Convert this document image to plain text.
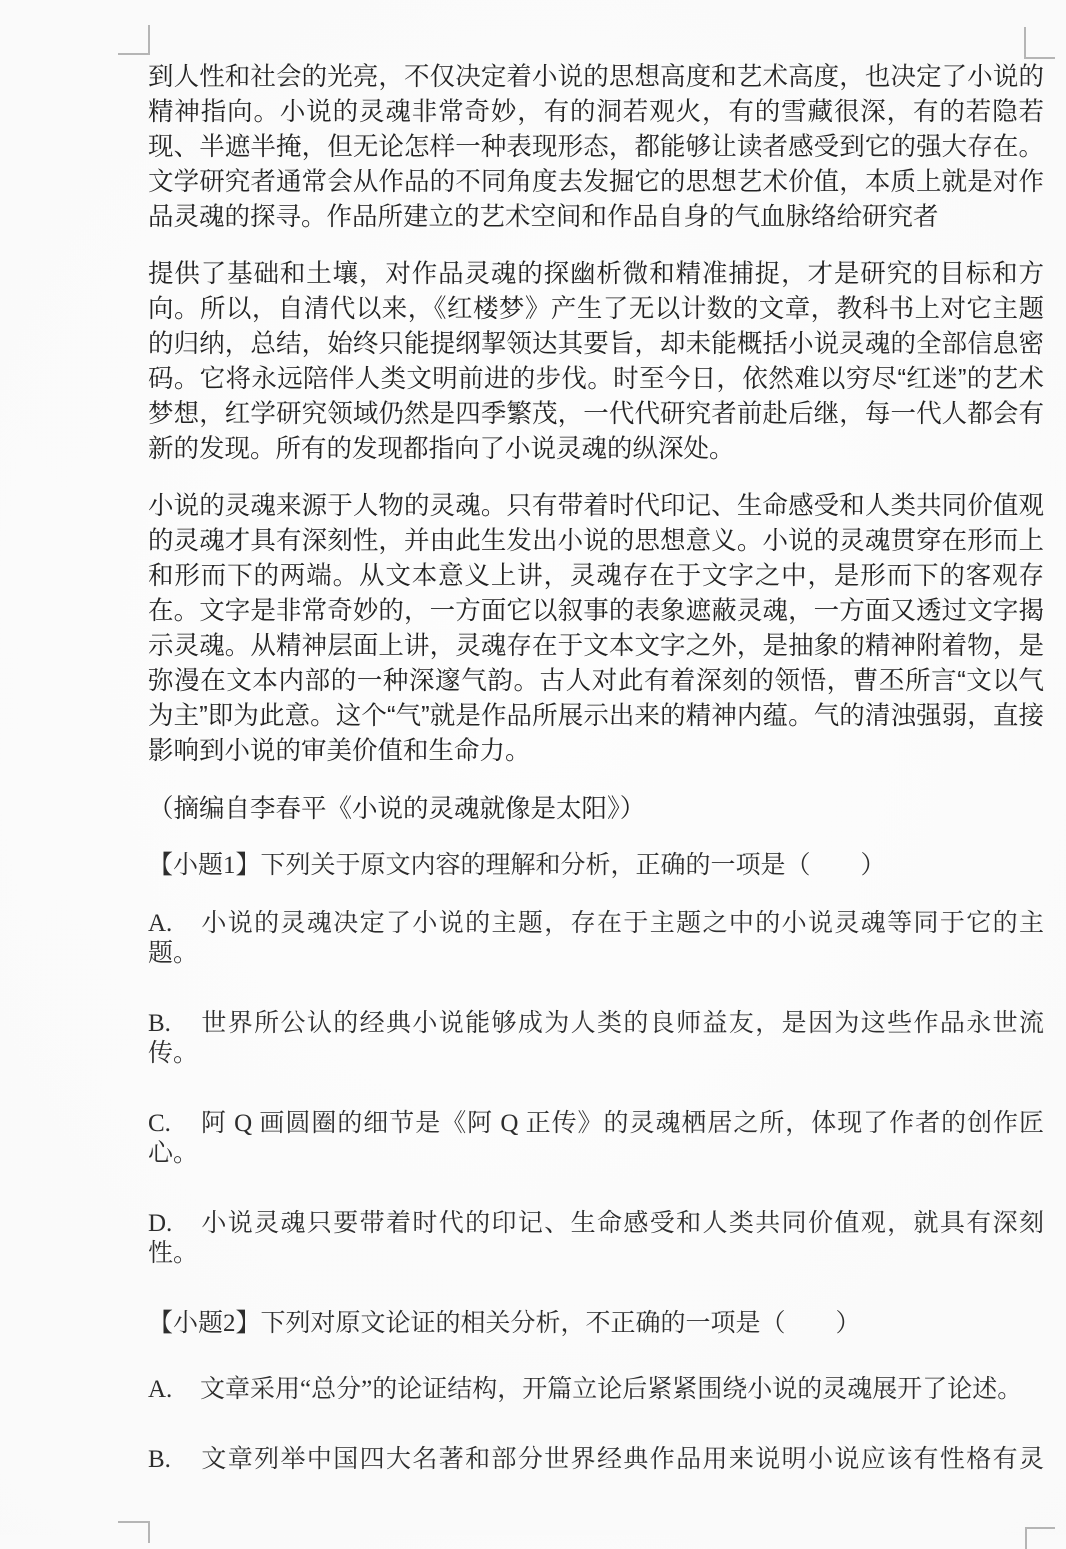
到人性和社会的光亮，不仅决定着小说的思想高度和艺术高度，也决定了小说的精神指向。小说的灵魂非常奇妙，有的洞若观火，有的雪藏很深，有的若隐若现、半遮半掩，但无论怎样一种表现形态，都能够让读者感受到它的强大存在。文学研究者通常会从作品的不同角度去发掘它的思想艺术价值，本质上就是对作品灵魂的探寻。作品所建立的艺术空间和作品自身的气血脉络给研究者

提供了基础和土壤，对作品灵魂的探幽析微和精准捕捉，才是研究的目标和方向。所以，自清代以来，《红楼梦》产生了无以计数的文章，教科书上对它主题的归纳，总结，始终只能提纲挈领达其要旨，却未能概括小说灵魂的全部信息密码。它将永远陪伴人类文明前进的步伐。时至今日，依然难以穷尽“红迷”的艺术梦想，红学研究领域仍然是四季繁茂，一代代研究者前赴后继，每一代人都会有新的发现。所有的发现都指向了小说灵魂的纵深处。

小说的灵魂来源于人物的灵魂。只有带着时代印记、生命感受和人类共同价值观的灵魂才具有深刻性，并由此生发出小说的思想意义。小说的灵魂贯穿在形而上和形而下的两端。从文本意义上讲，灵魂存在于文字之中，是形而下的客观存在。文字是非常奇妙的，一方面它以叙事的表象遮蔽灵魂，一方面又透过文字揭示灵魂。从精神层面上讲，灵魂存在于文本文字之外，是抽象的精神附着物，是弥漫在文本内部的一种深邃气韵。古人对此有着深刻的领悟，曹丕所言“文以气为主”即为此意。这个“气”就是作品所展示出来的精神内蕴。气的清浊强弱，直接影响到小说的审美价值和生命力。

（摘编自李春平《小说的灵魂就像是太阳》）

【小题1】下列关于原文内容的理解和分析，正确的一项是（　　）

A. 小说的灵魂决定了小说的主题，存在于主题之中的小说灵魂等同于它的主题。

B. 世界所公认的经典小说能够成为人类的良师益友，是因为这些作品永世流传。

C. 阿 Q 画圆圈的细节是《阿 Q 正传》的灵魂栖居之所，体现了作者的创作匠心。

D. 小说灵魂只要带着时代的印记、生命感受和人类共同价值观，就具有深刻性。

【小题2】下列对原文论证的相关分析，不正确的一项是（　　）

A. 文章采用“总分”的论证结构，开篇立论后紧紧围绕小说的灵魂展开了论述。

B. 文章列举中国四大名著和部分世界经典作品用来说明小说应该有性格有灵
